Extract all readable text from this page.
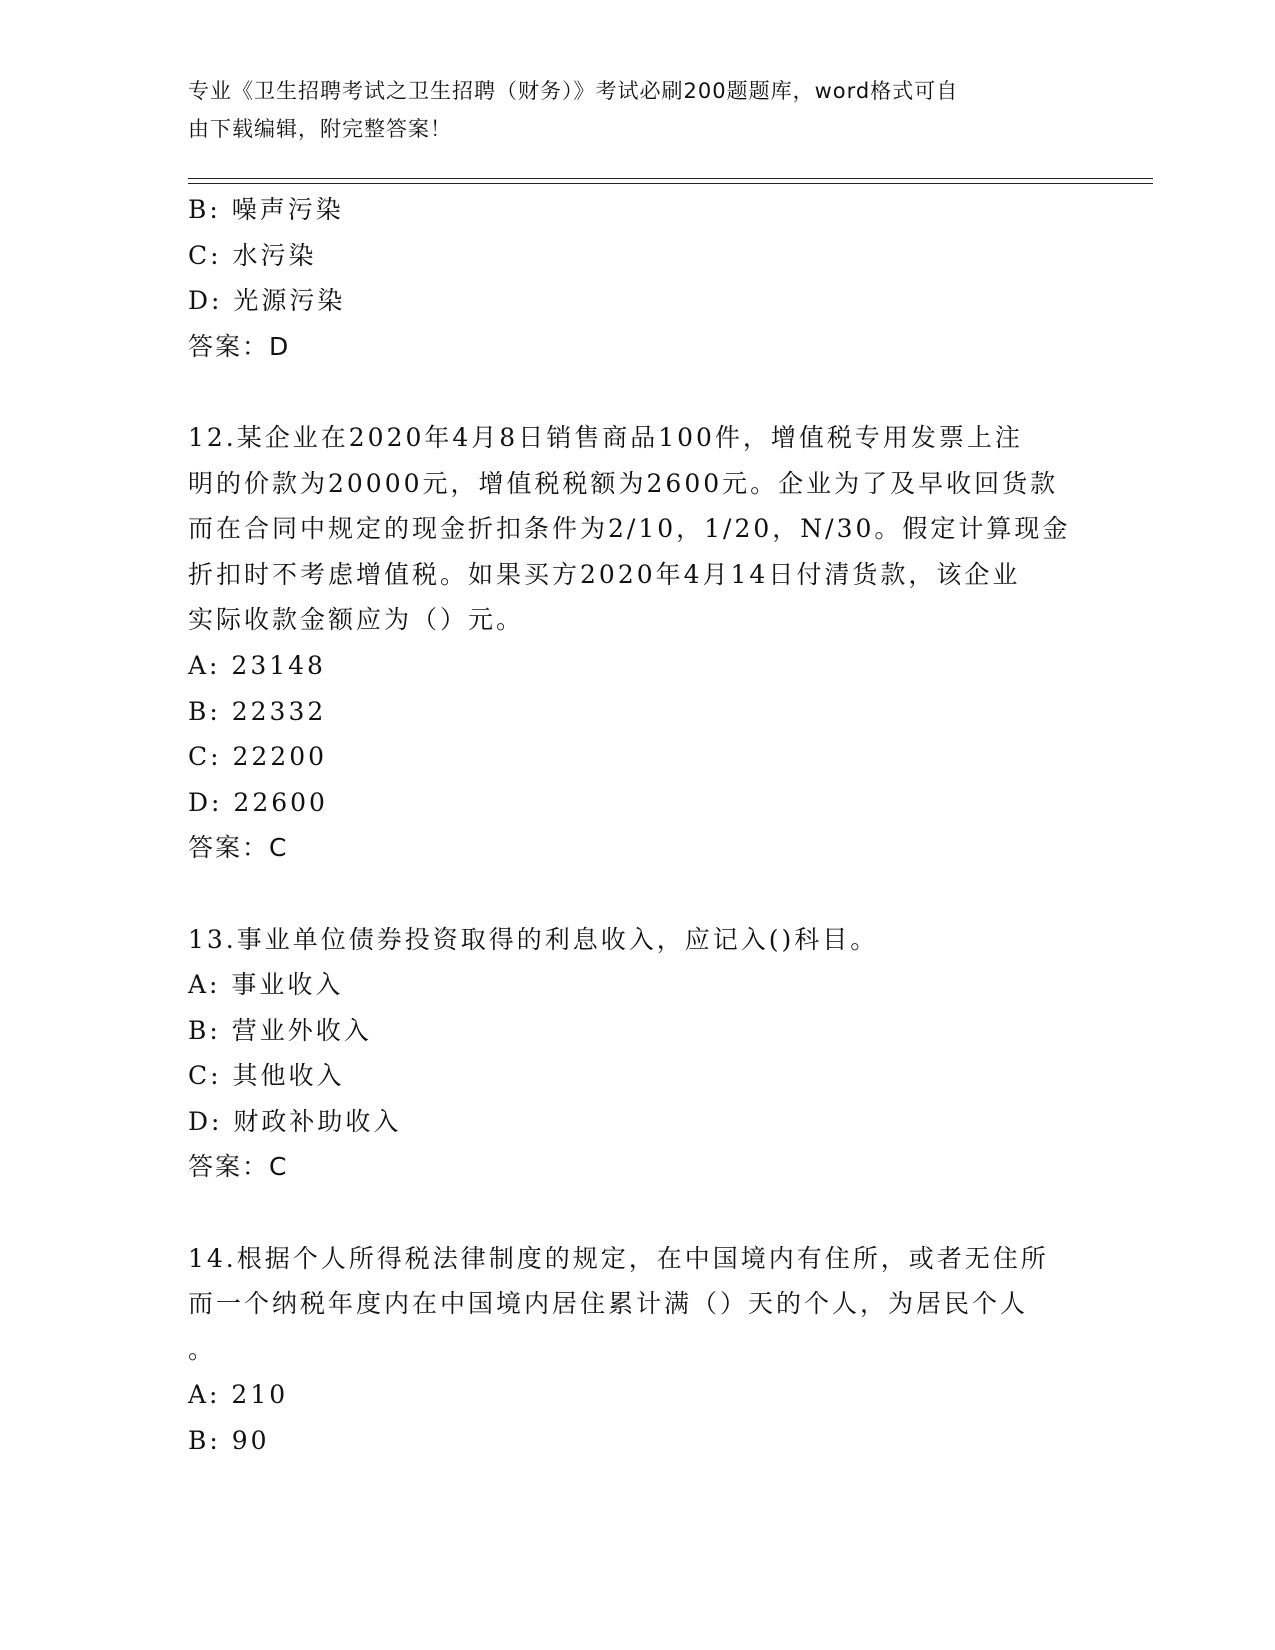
专业《卫生招聘考试之卫生招聘（财务）》考试必刷200题题库，word格式可自
由下载编辑，附完整答案！
B: 噪声污染
C: 水污染
D: 光源污染
答案：D
12.某企业在2020年4月8日销售商品100件，增值税专用发票上注
明的价款为20000元，增值税税额为2600元。企业为了及早收回货款
而在合同中规定的现金折扣条件为2/10，1/20，N/30。假定计算现金
折扣时不考虑增值税。如果买方2020年4月14日付清货款，该企业
实际收款金额应为（）元。
A: 23148
B: 22332
C: 22200
D: 22600
答案：C
13.事业单位债券投资取得的利息收入，应记入()科目。
A: 事业收入
B: 营业外收入
C: 其他收入
D: 财政补助收入
答案：C
14.根据个人所得税法律制度的规定，在中国境内有住所，或者无住所
而一个纳税年度内在中国境内居住累计满（）天的个人，为居民个人
。
A: 210
B: 90
